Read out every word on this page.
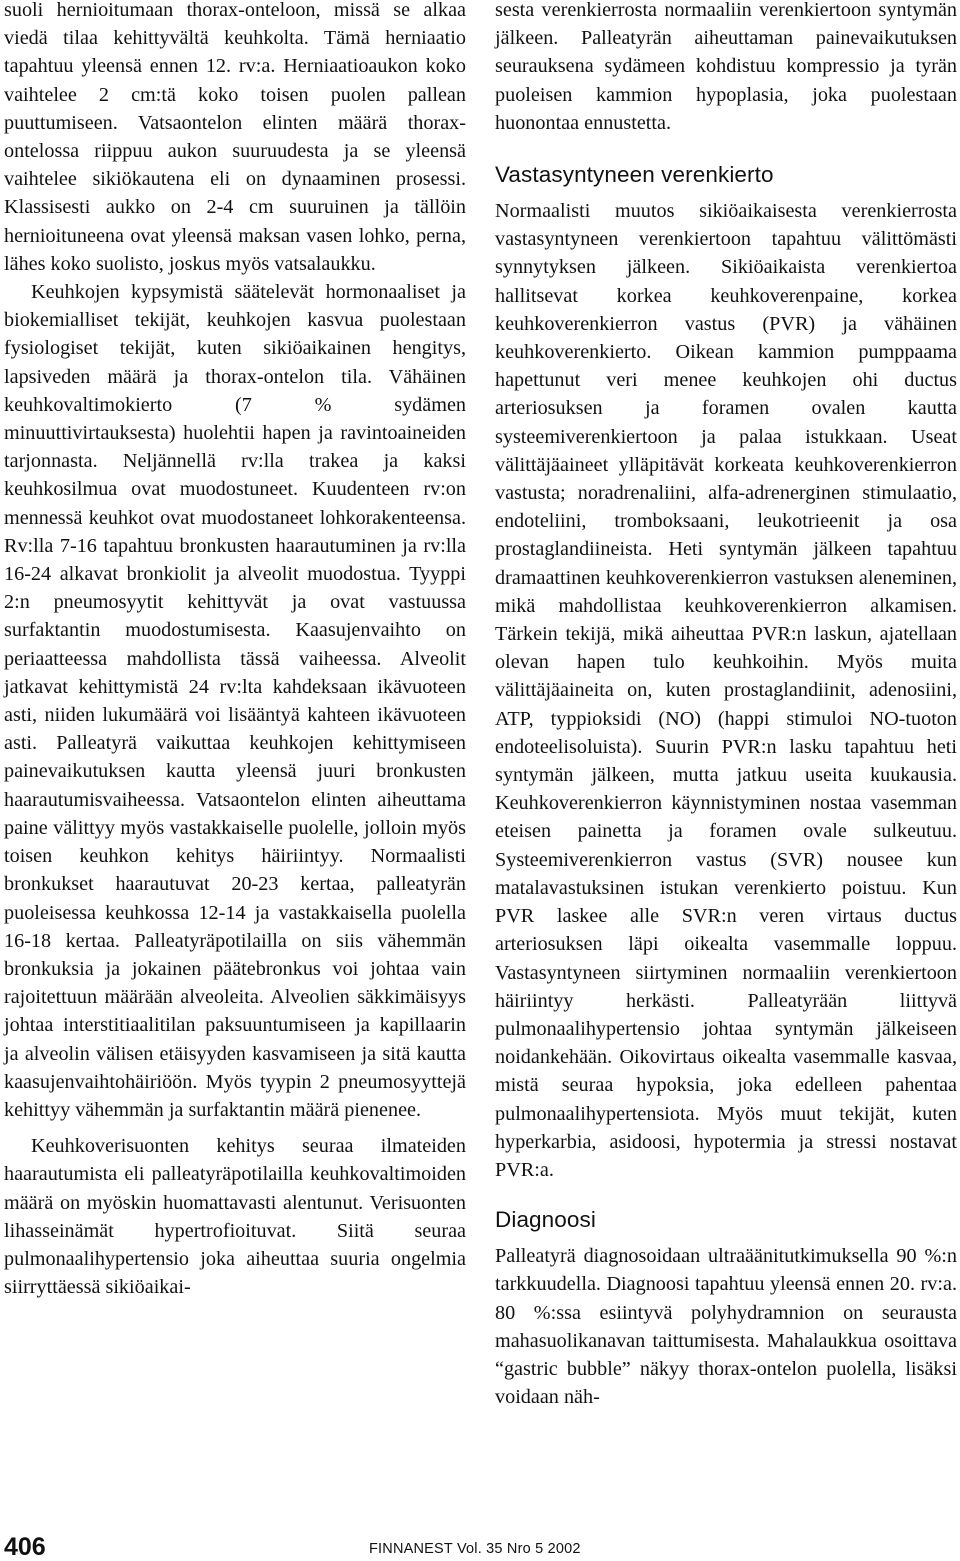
suoli hernioitumaan thorax-onteloon, missä se alkaa viedä tilaa kehittyvältä keuhkolta. Tämä herniaatio tapahtuu yleensä ennen 12. rv:a. Herniaatioaukon koko vaihtelee 2 cm:tä koko toisen puolen pallean puuttumiseen. Vatsaontelon elinten määrä thorax-ontelossa riippuu aukon suuruudesta ja se yleensä vaihtelee sikiökautena eli on dynaaminen prosessi. Klassisesti aukko on 2-4 cm suuruinen ja tällöin hernioituneena ovat yleensä maksan vasen lohko, perna, lähes koko suolisto, joskus myös vatsalaukku.

Keuhkojen kypsymistä säätelevät hormonaaliset ja biokemialliset tekijät, keuhkojen kasvua puolestaan fysiologiset tekijät, kuten sikiöaikainen hengitys, lapsiveden määrä ja thorax-ontelon tila. Vähäinen keuhkovaltimokierto (7 % sydämen minuuttivirtauksesta) huolehtii hapen ja ravintoaineiden tarjonnasta. Neljännellä rv:lla trakea ja kaksi keuhkosilmua ovat muodostuneet. Kuudenteen rv:on mennessä keuhkot ovat muodostaneet lohkorakenteensa. Rv:lla 7-16 tapahtuu bronkusten haarautuminen ja rv:lla 16-24 alkavat bronkiolit ja alveolit muodostua. Tyyppi 2:n pneumosyytit kehittyvät ja ovat vastuussa surfaktantin muodostumisesta. Kaasujenvaihto on periaatteessa mahdollista tässä vaiheessa. Alveolit jatkavat kehittymistä 24 rv:lta kahdeksaan ikävuoteen asti, niiden lukumäärä voi lisääntyä kahteen ikävuoteen asti. Palleatyrä vaikuttaa keuhkojen kehittymiseen painevaikutuksen kautta yleensä juuri bronkusten haarautumisvaiheessa. Vatsaontelon elinten aiheuttama paine välittyy myös vastakkaiselle puolelle, jolloin myös toisen keuhkon kehitys häiriintyy. Normaalisti bronkukset haarautuvat 20-23 kertaa, palleatyrän puoleisessa keuhkossa 12-14 ja vastakkaisella puolella 16-18 kertaa. Palleatyräpotilailla on siis vähemmän bronkuksia ja jokainen päätebronkus voi johtaa vain rajoitettuun määrään alveoleita. Alveolien säkkimäisyys johtaa interstitiaalitilan paksuuntumiseen ja kapillaarin ja alveolin välisen etäisyyden kasvamiseen ja sitä kautta kaasujenvaihtohäiriöön. Myös tyypin 2 pneumosyyttejä kehittyy vähemmän ja surfaktantin määrä pienenee.

Keuhkoverisuonten kehitys seuraa ilmateiden haarautumista eli palleatyräpotilailla keuhkovaltimoiden määrä on myöskin huomattavasti alentunut. Verisuonten lihasseinämät hypertrofioituvat. Siitä seuraa pulmonaalihypertensio joka aiheuttaa suuria ongelmia siirryttäessä sikiöaikai-

sesta verenkierrosta normaaliin verenkiertoon syntymän jälkeen. Palleatyrän aiheuttaman painevaikutuksen seurauksena sydämeen kohdistuu kompressio ja tyrän puoleisen kammion hypoplasia, joka puolestaan huonontaa ennustetta.

Vastasyntyneen verenkierto

Normaalisti muutos sikiöaikaisesta verenkierrosta vastasyntyneen verenkiertoon tapahtuu välittömästi synnytyksen jälkeen. Sikiöaikaista verenkiertoa hallitsevat korkea keuhkoverenpaine, korkea keuhkoverenkierron vastus (PVR) ja vähäinen keuhkoverenkierto. Oikean kammion pumppaama hapettunut veri menee keuhkojen ohi ductus arteriosuksen ja foramen ovalen kautta systeemiverenkiertoon ja palaa istukkaan. Useat välittäjäaineet ylläpitävät korkeata keuhkoverenkierron vastusta; noradrenaliini, alfa-adrenerginen stimulaatio, endoteliini, tromboksaani, leukotrieenit ja osa prostaglandiineista. Heti syntymän jälkeen tapahtuu dramaattinen keuhkoverenkierron vastuksen aleneminen, mikä mahdollistaa keuhkoverenkierron alkamisen. Tärkein tekijä, mikä aiheuttaa PVR:n laskun, ajatellaan olevan hapen tulo keuhkoihin. Myös muita välittäjäaineita on, kuten prostaglandiinit, adenosiini, ATP, typpioksidi (NO) (happi stimuloi NO-tuoton endoteelisoluista). Suurin PVR:n lasku tapahtuu heti syntymän jälkeen, mutta jatkuu useita kuukausia. Keuhkoverenkierron käynnistyminen nostaa vasemman eteisen painetta ja foramen ovale sulkeutuu. Systeemiverenkierron vastus (SVR) nousee kun matalavastuksinen istukan verenkierto poistuu. Kun PVR laskee alle SVR:n veren virtaus ductus arteriosuksen läpi oikealta vasemmalle loppuu. Vastasyntyneen siirtyminen normaaliin verenkiertoon häiriintyy herkästi. Palleatyrään liittyvä pulmonaalihypertensio johtaa syntymän jälkeiseen noidankehään. Oikovirtaus oikealta vasemmalle kasvaa, mistä seuraa hypoksia, joka edelleen pahentaa pulmonaalihypertensiota. Myös muut tekijät, kuten hyperkarbia, asidoosi, hypotermia ja stressi nostavat PVR:a.

Diagnoosi

Palleatyrä diagnosoidaan ultraäänitutkimuksella 90 %:n tarkkuudella. Diagnoosi tapahtuu yleensä ennen 20. rv:a. 80 %:ssa esiintyvä polyhydramnion on seurausta mahasuolikanavan taittumisesta. Mahalaukkua osoittava “gastric bubble” näkyy thorax-ontelon puolella, lisäksi voidaan näh-

406	FINNANEST Vol. 35 Nro 5 2002
